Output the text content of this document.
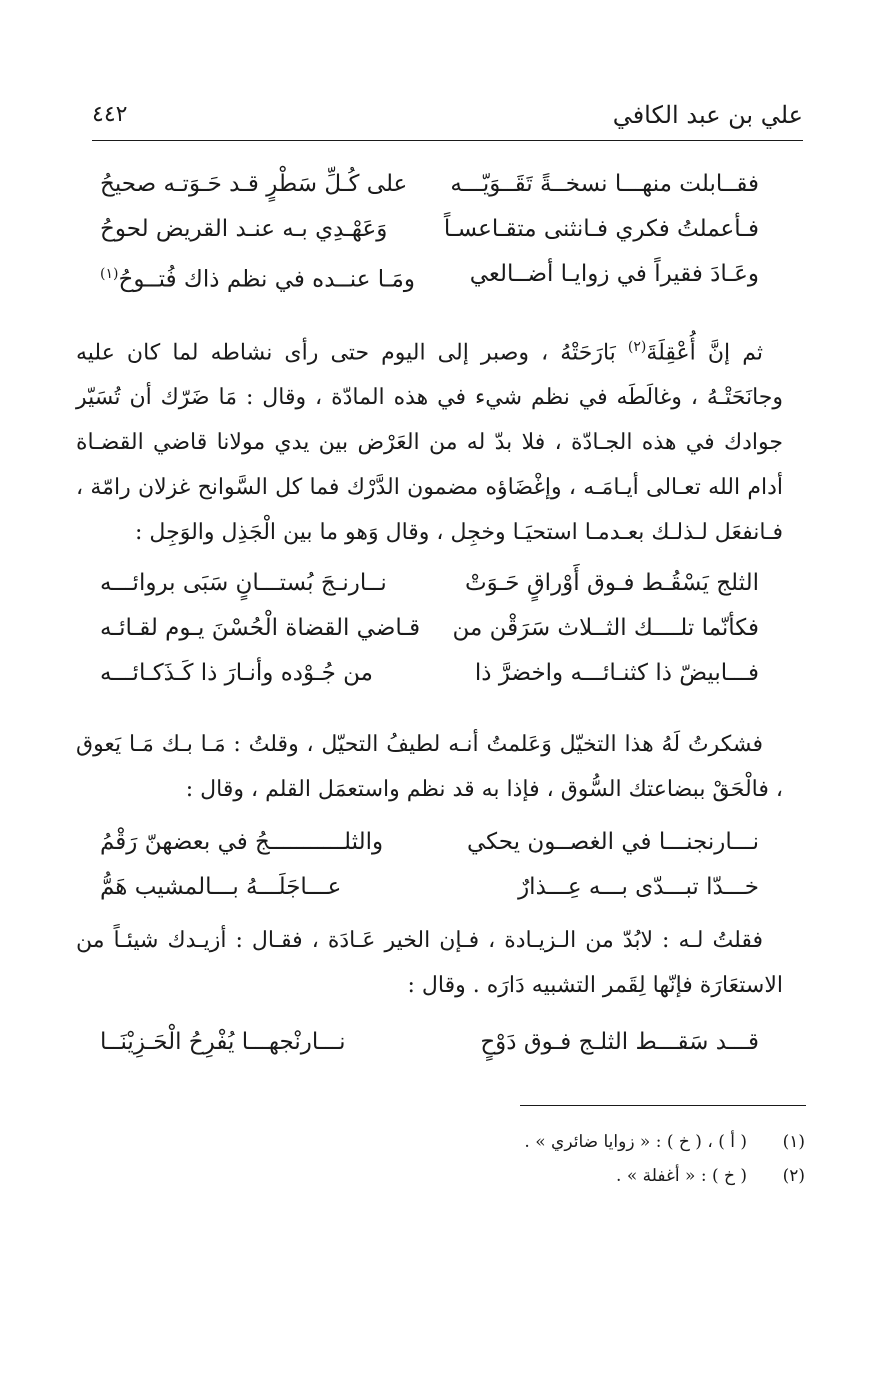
علي بن عبد الكافي
٤٤٢
فقــابلت منهـــا نسخــةً تَقَــوَيّـــه
على كُـلِّ سَطْرٍ قـد حَـوَتـه صحيحُ
فـأعملتُ فكري فـانثنى متقـاعسـاً
وَعَهْـدِي بـه عنـد القريض لحوحُ
وعَـادَ فقيراً في زوايـا أضــالعي
ومَـا عنــده في نظم ذاك فُتــوحُ$^{(١)}$

ثم إنَّ أُعْقِلَةَ$^{(٢)}$ بَارَحَتْهُ ، وصبر إلى اليوم حتى رأى نشاطه لما كان عليه وجانَحَتْـهُ ، وغالَطَه في نظم شيء في هذه المادّة ، وقال : مَا ضَرّك أن تُسَيّر جوادك في هذه الجـادّة ، فلا بدّ له من العَرْض بين يدي مولانا قاضي القضـاة أدام الله تعـالى أيـامَـه ، وإغْضَاؤه مضمون الدَّرْك فما كل السَّوانح غزلان رامّة ، فـانفعَل لـذلـك بعـدمـا استحيَـا وخجِل ، وقال وَهو ما بين الْجَذِل والوَجِل :

الثلج يَسْقُـط فـوق أَوْراقٍ حَـوَتْ
نــارنـجَ بُستـــانٍ سَبَى بروائـــه
فكأنّما تلــــك الثــلاث سَرَقْن من
قـاضي القضاة الْحُسْنَ يـوم لقـائـه
فـــابيضّ ذا كثنـائـــه واخضرَّ ذا
من جُـوْده وأنـارَ ذا كَـذَكـائـــه

فشكرتُ لَهُ هذا التخيّل وَعَلمتُ أنـه لطيفُ التحيّل ، وقلتُ : مَـا بـك مَـا يَعوق ، فالْحَقْ ببضاعتك السُّوق ، فإذا به قد نظم واستعمَل القلم ، وقال :

نـــارنجنـــا في الغصــون يحكي
والثلـــــــــــجُ في بعضهنّ رَقْمُ
خـــدّا تبـــدّى بـــه عِـــذارٌ
عـــاجَلَـــهُ بـــالمشيب هَمُّ

فقلتُ لـه : لابُدّ من الـزيـادة ، فـإن الخير عَـادَة ، فقـال : أزيـدك شيئـاً من الاستعَارَة فإنّها لِقَمر التشبيه دَارَه . وقال :

قـــد سَقـــط الثلـج فـوق دَوْحٍ
نـــارنْجهـــا يُفْرِحُ الْحَـزِيْنَــا
(١)
( أ ) ، ( خ ) : « زوايا ضائري » .
(٢)
( خ ) : « أغفلة » .
